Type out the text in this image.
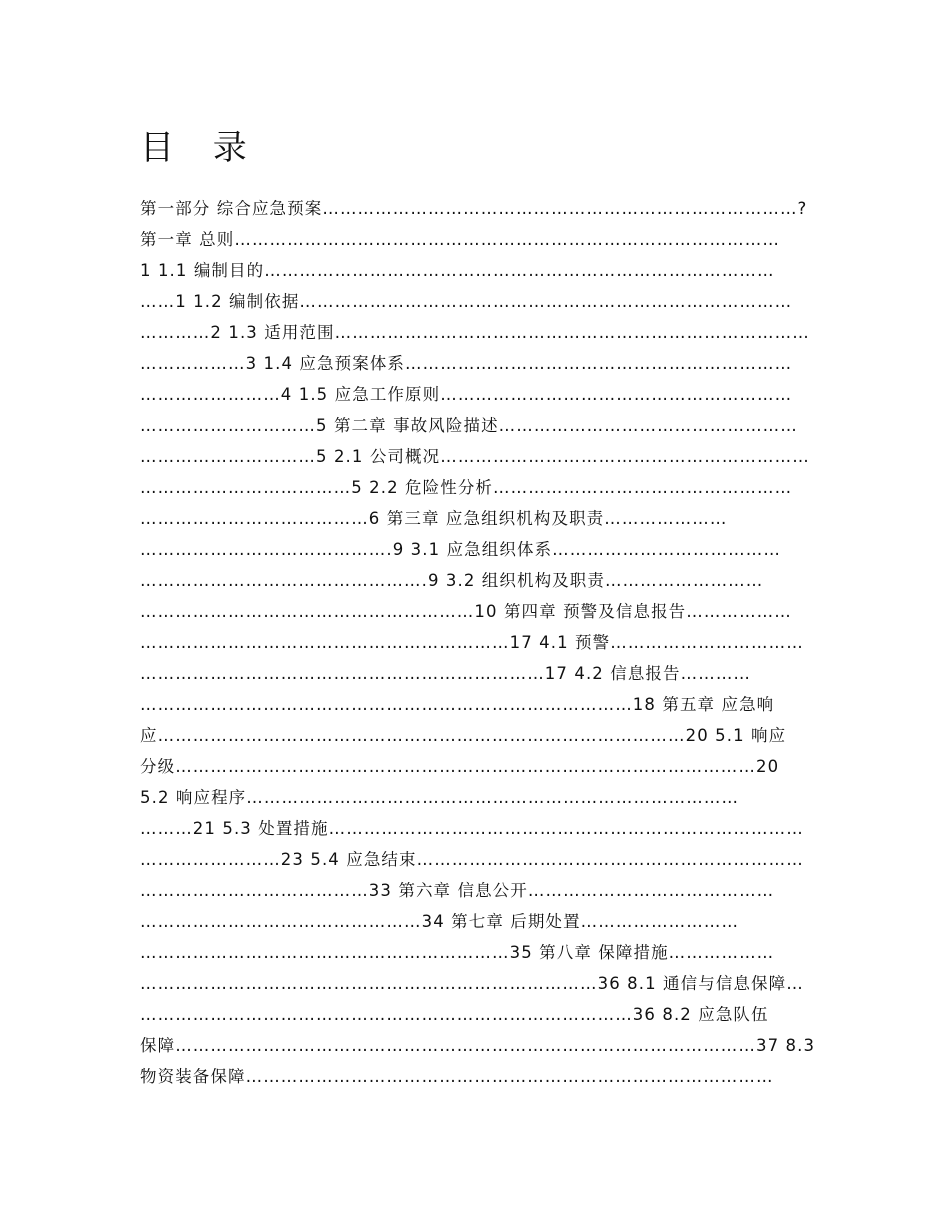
目 录
第一部分 综合应急预案………………………………………………………………………?
第一章 总则…………………………………………………………………………………
1 1.1 编制目的……………………………………………………………………………
……1 1.2 编制依据…………………………………………………………………………
…………2 1.3 适用范围………………………………………………………………………
………………3 1.4 应急预案体系…………………………………………………………
……………………4 1.5 应急工作原则……………………………………………………
…………………………5 第二章 事故风险描述……………………………………………
…………………………5 2.1 公司概况………………………………………………………
………………………………5 2.2 危险性分析……………………………………………
…………………………………6 第三章 应急组织机构及职责…………………
…………………………………….9 3.1 应急组织体系…………………………………
………………………………………….9 3.2 组织机构及职责………………………
…………………………………………………10 第四章 预警及信息报告………………
………………………………………………………17 4.1 预警……………………………
……………………………………………………………17 4.2 信息报告…………
…………………………………………………………………………18 第五章 应急响
应………………………………………………………………………………20 5.1 响应
分级………………………………………………………………………………………20
5.2 响应程序…………………………………………………………………………
………21 5.3 处置措施………………………………………………………………………
……………………23 5.4 应急结束…………………………………………………………
…………………………………33 第六章 信息公开……………………………………
…………………………………………34 第七章 后期处置………………………
………………………………………………………35 第八章 保障措施………………
……………………………………………………………………36 8.1 通信与信息保障…
…………………………………………………………………………36 8.2 应急队伍
保障………………………………………………………………………………………37 8.3
物资装备保障………………………………………………………………………………
